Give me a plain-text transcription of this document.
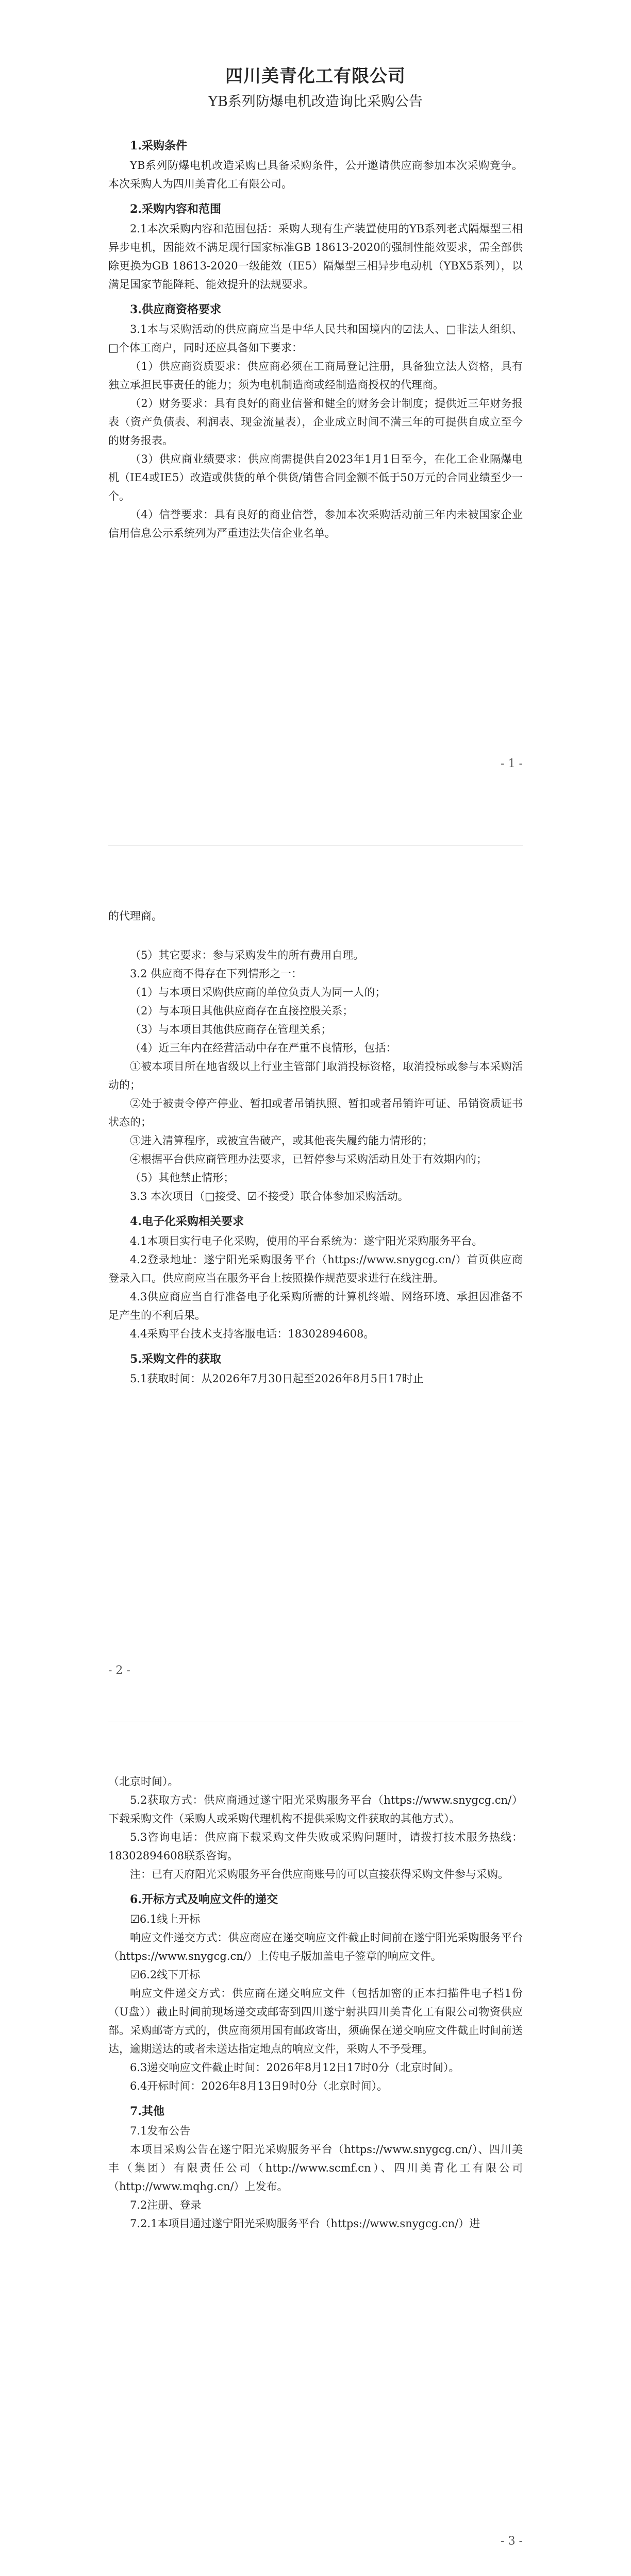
四川美青化工有限公司

YB系列防爆电机改造询比采购公告

1.采购条件

YB系列防爆电机改造采购已具备采购条件，公开邀请供应商参加本次采购竞争。本次采购人为四川美青化工有限公司。

2.采购内容和范围

2.1本次采购内容和范围包括：采购人现有生产装置使用的YB系列老式隔爆型三相异步电机，因能效不满足现行国家标准GB 18613-2020的强制性能效要求，需全部供除更换为GB 18613-2020一级能效（IE5）隔爆型三相异步电动机（YBX5系列），以满足国家节能降耗、能效提升的法规要求。

3.供应商资格要求

3.1本与采购活动的供应商应当是中华人民共和国境内的☑法人、□非法人组织、□个体工商户，同时还应具备如下要求：

（1）供应商资质要求：供应商必须在工商局登记注册，具备独立法人资格，具有独立承担民事责任的能力；须为电机制造商或经制造商授权的代理商。

（2）财务要求：具有良好的商业信誉和健全的财务会计制度；提供近三年财务报表（资产负债表、利润表、现金流量表），企业成立时间不满三年的可提供自成立至今的财务报表。

（3）供应商业绩要求：供应商需提供自2023年1月1日至今，在化工企业隔爆电机（IE4或IE5）改造或供货的单个供货/销售合同金额不低于50万元的合同业绩至少一个。

（4）信誉要求：具有良好的商业信誉，参加本次采购活动前三年内未被国家企业信用信息公示系统列为严重违法失信企业名单。

- 1 -

的代理商。

（5）其它要求：参与采购发生的所有费用自理。

3.2 供应商不得存在下列情形之一：

（1）与本项目采购供应商的单位负责人为同一人的；

（2）与本项目其他供应商存在直接控股关系；

（3）与本项目其他供应商存在管理关系；

（4）近三年内在经营活动中存在严重不良情形，包括：

①被本项目所在地省级以上行业主管部门取消投标资格，取消投标或参与本采购活动的；

②处于被责令停产停业、暂扣或者吊销执照、暂扣或者吊销许可证、吊销资质证书状态的；

③进入清算程序，或被宣告破产，或其他丧失履约能力情形的；

④根据平台供应商管理办法要求，已暂停参与采购活动且处于有效期内的；

（5）其他禁止情形；

3.3 本次项目（□接受、☑不接受）联合体参加采购活动。

4.电子化采购相关要求

4.1本项目实行电子化采购，使用的平台系统为：遂宁阳光采购服务平台。

4.2登录地址：遂宁阳光采购服务平台（https://www.snygcg.cn/）首页供应商登录入口。供应商应当在服务平台上按照操作规范要求进行在线注册。

4.3供应商应当自行准备电子化采购所需的计算机终端、网络环境、承担因准备不足产生的不利后果。

4.4采购平台技术支持客服电话：18302894608。

5.采购文件的获取

5.1获取时间：从2026年7月30日起至2026年8月5日17时止

- 2 -

（北京时间）。

5.2获取方式：供应商通过遂宁阳光采购服务平台（https://www.snygcg.cn/）下载采购文件（采购人或采购代理机构不提供采购文件获取的其他方式）。

5.3咨询电话：供应商下载采购文件失败或采购问题时，请拨打技术服务热线：18302894608联系咨询。

注：已有天府阳光采购服务平台供应商账号的可以直接获得采购文件参与采购。

6.开标方式及响应文件的递交

☑6.1线上开标

响应文件递交方式：供应商应在递交响应文件截止时间前在遂宁阳光采购服务平台（https://www.snygcg.cn/）上传电子版加盖电子签章的响应文件。

☑6.2线下开标

响应文件递交方式：供应商在递交响应文件（包括加密的正本扫描件电子档1份（U盘））截止时间前现场递交或邮寄到四川遂宁射洪四川美青化工有限公司物资供应部。采购邮寄方式的，供应商须用国有邮政寄出，须确保在递交响应文件截止时间前送达，逾期送达的或者未送达指定地点的响应文件，采购人不予受理。

6.3递交响应文件截止时间：2026年8月12日17时0分（北京时间）。

6.4开标时间：2026年8月13日9时0分（北京时间）。

7.其他

7.1发布公告

本项目采购公告在遂宁阳光采购服务平台（https://www.snygcg.cn/）、四川美丰（集团）有限责任公司（http://www.scmf.cn）、四川美青化工有限公司（http://www.mqhg.cn/）上发布。

7.2注册、登录

7.2.1本项目通过遂宁阳光采购服务平台（https://www.snygcg.cn/）进

- 3 -
